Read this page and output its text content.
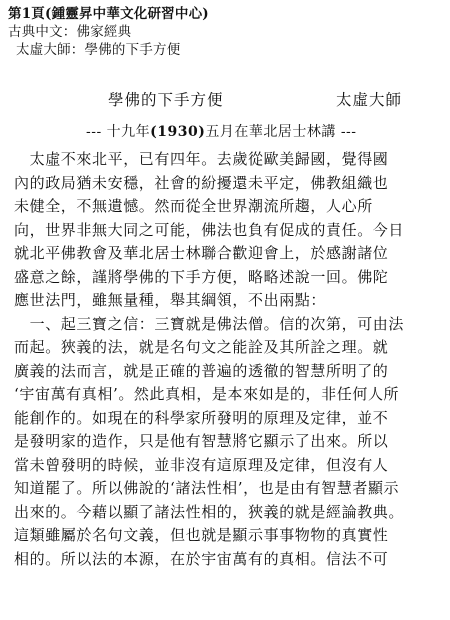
第1頁(鍾靈昇中華文化研習中心)
古典中文：佛家經典
太虛大師：學佛的下手方便
學佛的下手方便	太虛大師
--- 十九年(1930)五月在華北居士林講 ---
　太虛不來北平，已有四年。去歲從歐美歸國，覺得國
內的政局猶未安穩，社會的紛擾還未平定，佛教組織也
未健全，不無遺憾。然而從全世界潮流所趨，人心所
向，世界非無大同之可能，佛法也負有促成的責任。今日
就北平佛教會及華北居士林聯合歡迎會上，於感謝諸位
盛意之餘，謹將學佛的下手方便，略略述說一回。佛陀
應世法門，雖無量種，舉其綱領，不出兩點：
　一、起三寶之信：三寶就是佛法僧。信的次第，可由法
而起。狹義的法，就是名句文之能詮及其所詮之理。就
廣義的法而言，就是正確的普遍的透徹的智慧所明了的
‘宇宙萬有真相’。然此真相，是本來如是的，非任何人所
能創作的。如現在的科學家所發明的原理及定律，並不
是發明家的造作，只是他有智慧將它顯示了出來。所以
當未曾發明的時候，並非沒有這原理及定律，但沒有人
知道罷了。所以佛說的‘諸法性相’，也是由有智慧者顯示
出來的。今藉以顯了諸法性相的，狹義的就是經論教典。
這類雖屬於名句文義，但也就是顯示事事物物的真實性
相的。所以法的本源，在於宇宙萬有的真相。信法不可
